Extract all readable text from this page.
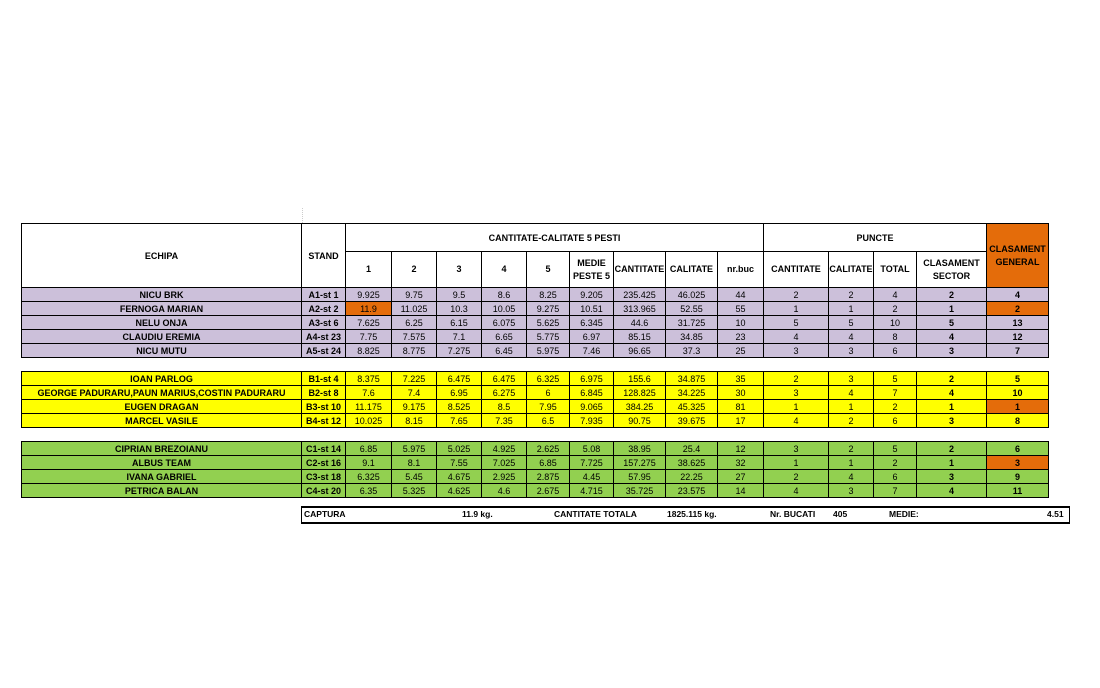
ECHIPA	STAND	CANTITATE-CALITATE 5 PESTI									PUNCTE				CLASAMENT GENERAL
		1	2	3	4	5	MEDIE PESTE 5	CANTITATE	CALITATE	nr.buc	CANTITATE	CALITATE	TOTAL	CLASAMENT SECTOR	
NICU BRK	A1-st 1	9.925	9.75	9.5	8.6	8.25	9.205	235.425	46.025	44	2	2	4	2	4
FERNOGA MARIAN	A2-st 2	11.9	11.025	10.3	10.05	9.275	10.51	313.965	52.55	55	1	1	2	1	2
NELU ONJA	A3-st 6	7.625	6.25	6.15	6.075	5.625	6.345	44.6	31.725	10	5	5	10	5	13
CLAUDIU EREMIA	A4-st 23	7.75	7.575	7.1	6.65	5.775	6.97	85.15	34.85	23	4	4	8	4	12
NICU MUTU	A5-st 24	8.825	8.775	7.275	6.45	5.975	7.46	96.65	37.3	25	3	3	6	3	7

IOAN PARLOG	B1-st 4	8.375	7.225	6.475	6.475	6.325	6.975	155.6	34.875	35	2	3	5	2	5
GEORGE PADURARU,PAUN MARIUS,COSTIN PADURARU	B2-st 8	7.6	7.4	6.95	6.275	6	6.845	128.825	34.225	30	3	4	7	4	10
EUGEN DRAGAN	B3-st 10	11.175	9.175	8.525	8.5	7.95	9.065	384.25	45.325	81	1	1	2	1	1
MARCEL VASILE	B4-st 12	10.025	8.15	7.65	7.35	6.5	7.935	90.75	39.675	17	4	2	6	3	8

CIPRIAN BREZOIANU	C1-st 14	6.85	5.975	5.025	4.925	2.625	5.08	38.95	25.4	12	3	2	5	2	6
ALBUS TEAM	C2-st 16	9.1	8.1	7.55	7.025	6.85	7.725	157.275	38.625	32	1	1	2	1	3
IVANA GABRIEL	C3-st 18	6.325	5.45	4.675	2.925	2.875	4.45	57.95	22.25	27	2	4	6	3	9
PETRICA BALAN	C4-st 20	6.35	5.325	4.625	4.6	2.675	4.715	35.725	23.575	14	4	3	7	4	11
CAPTURA	11.9 kg.	CANTITATE TOTALA	1825.115 kg.	Nr. BUCATI 405	MEDIE:	4.51
